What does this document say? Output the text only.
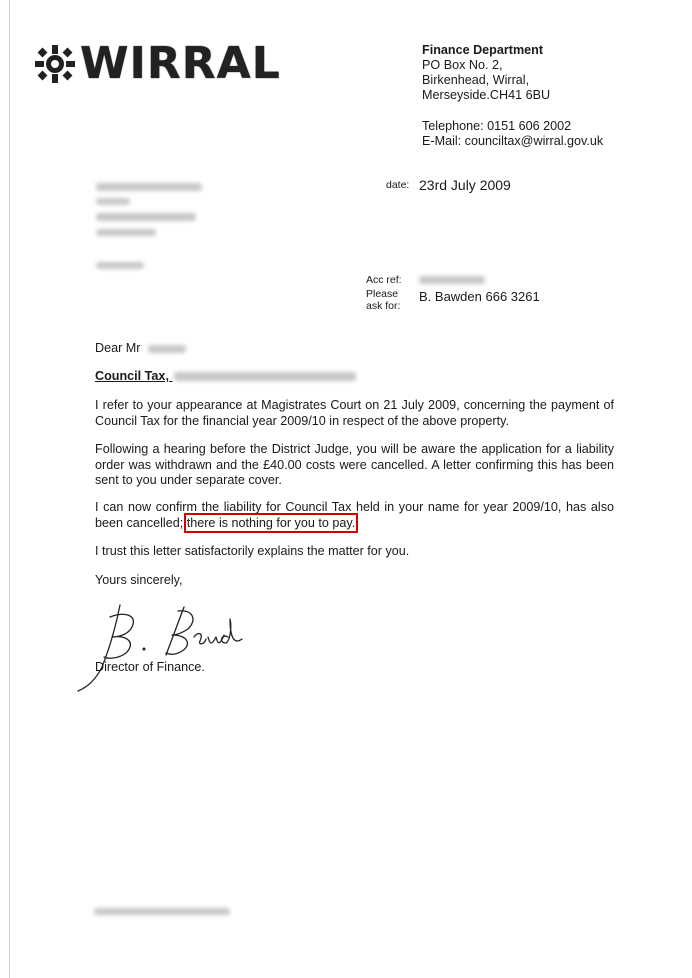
WIRRAL	Finance Department
PO Box No. 2,
Birkenhead, Wirral,
Merseyside.CH41 6BU
Telephone: 0151 606 2002
E-Mail: counciltax@wirral.gov.uk
date: 23rd July 2009
Acc ref:
Please
ask for:
B. Bawden 666 3261
Dear Mr
Council Tax,
I refer to your appearance at Magistrates Court on 21 July 2009, concerning the payment of Council Tax for the financial year 2009/10 in respect of the above property.
Following a hearing before the District Judge, you will be aware the application for a liability order was withdrawn and the £40.00 costs were cancelled. A letter confirming this has been sent to you under separate cover.
I can now confirm the liability for Council Tax held in your name for year 2009/10, has also been cancelled; there is nothing for you to pay.
I trust this letter satisfactorily explains the matter for you.
Yours sincerely,
Director of Finance.
